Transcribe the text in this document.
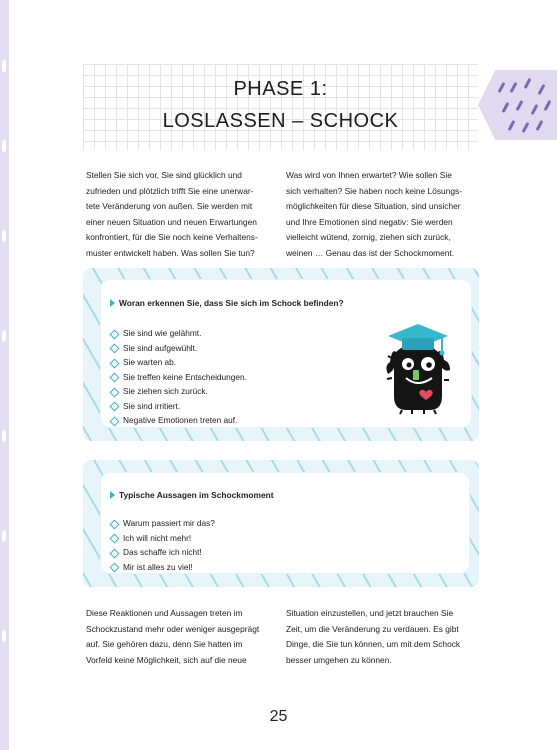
PHASE 1:
LOSLASSEN – SCHOCK
Stellen Sie sich vor, Sie sind glücklich und
zufrieden und plötzlich trifft Sie eine unerwar-
tete Veränderung von außen. Sie werden mit
einer neuen Situation und neuen Erwartungen
konfrontiert, für die Sie noch keine Verhaltens-
muster entwickelt haben. Was sollen Sie tun?
Was wird von Ihnen erwartet? Wie sollen Sie
sich verhalten? Sie haben noch keine Lösungs-
möglichkeiten für diese Situation, sind unsicher
und Ihre Emotionen sind negativ: Sie werden
vielleicht wütend, zornig, ziehen sich zurück,
weinen … Genau das ist der Schockmoment.
Woran erkennen Sie, dass Sie sich im Schock befinden?
Sie sind wie gelähmt.
Sie sind aufgewühlt.
Sie warten ab.
Sie treffen keine Entscheidungen.
Sie ziehen sich zurück.
Sie sind irritiert.
Negative Emotionen treten auf.
Typische Aussagen im Schockmoment
Warum passiert mir das?
Ich will nicht mehr!
Das schaffe ich nicht!
Mir ist alles zu viel!
Diese Reaktionen und Aussagen treten im
Schockzustand mehr oder weniger ausgeprägt
auf. Sie gehören dazu, denn Sie hatten im
Vorfeld keine Möglichkeit, sich auf die neue
Situation einzustellen, und jetzt brauchen Sie
Zeit, um die Veränderung zu verdauen. Es gibt
Dinge, die Sie tun können, um mit dem Schock
besser umgehen zu können.
25
